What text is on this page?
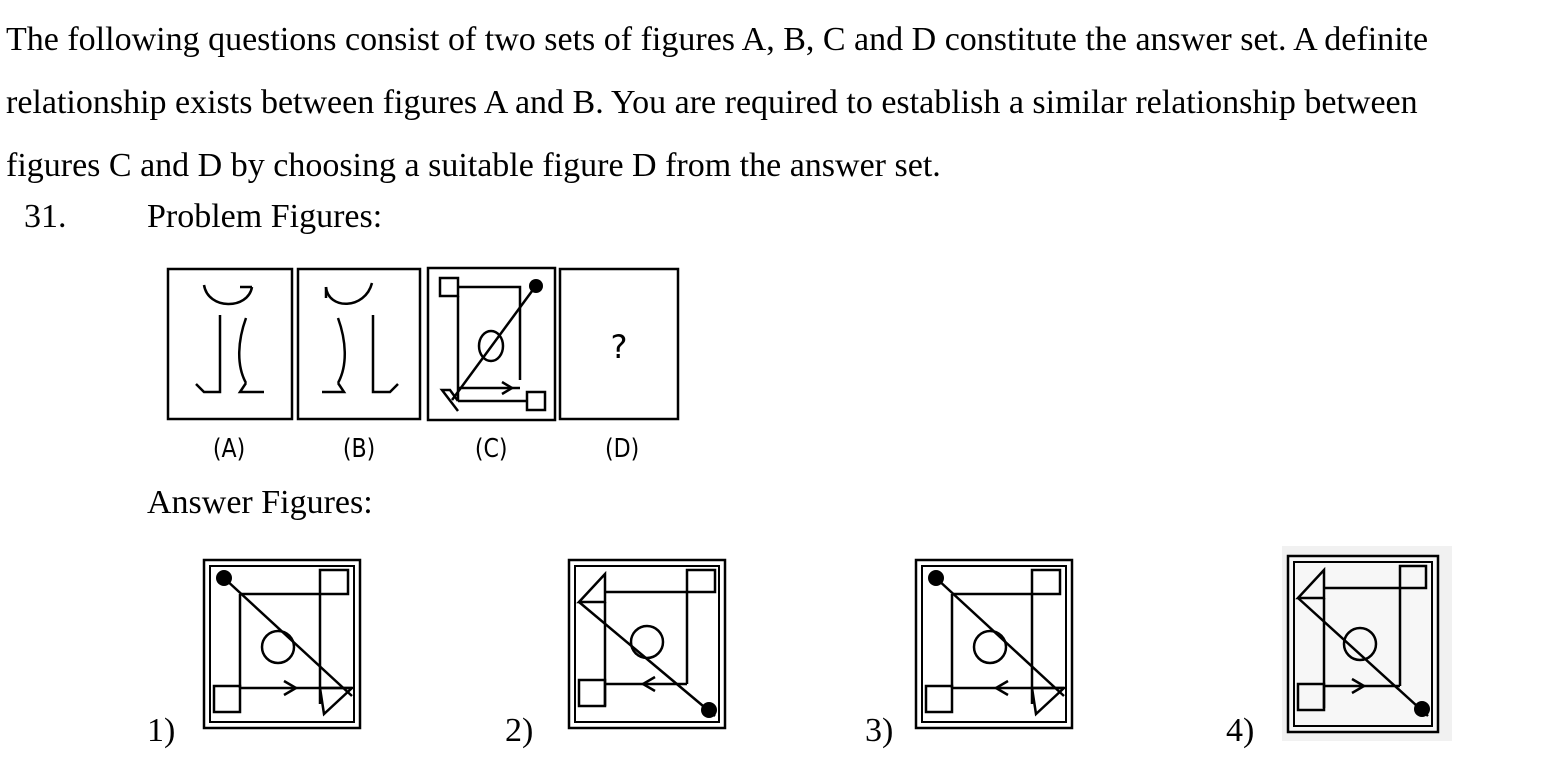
The following questions consist of two sets of figures A, B, C and D constitute the answer set. A definite relationship exists between figures A and B. You are required to establish a similar relationship between figures C and D by choosing a suitable figure D from the answer set.

31. Problem Figures:
?
(A)	(B)	(C)	(D)
Answer Figures:
1)	2)	3)	4)
